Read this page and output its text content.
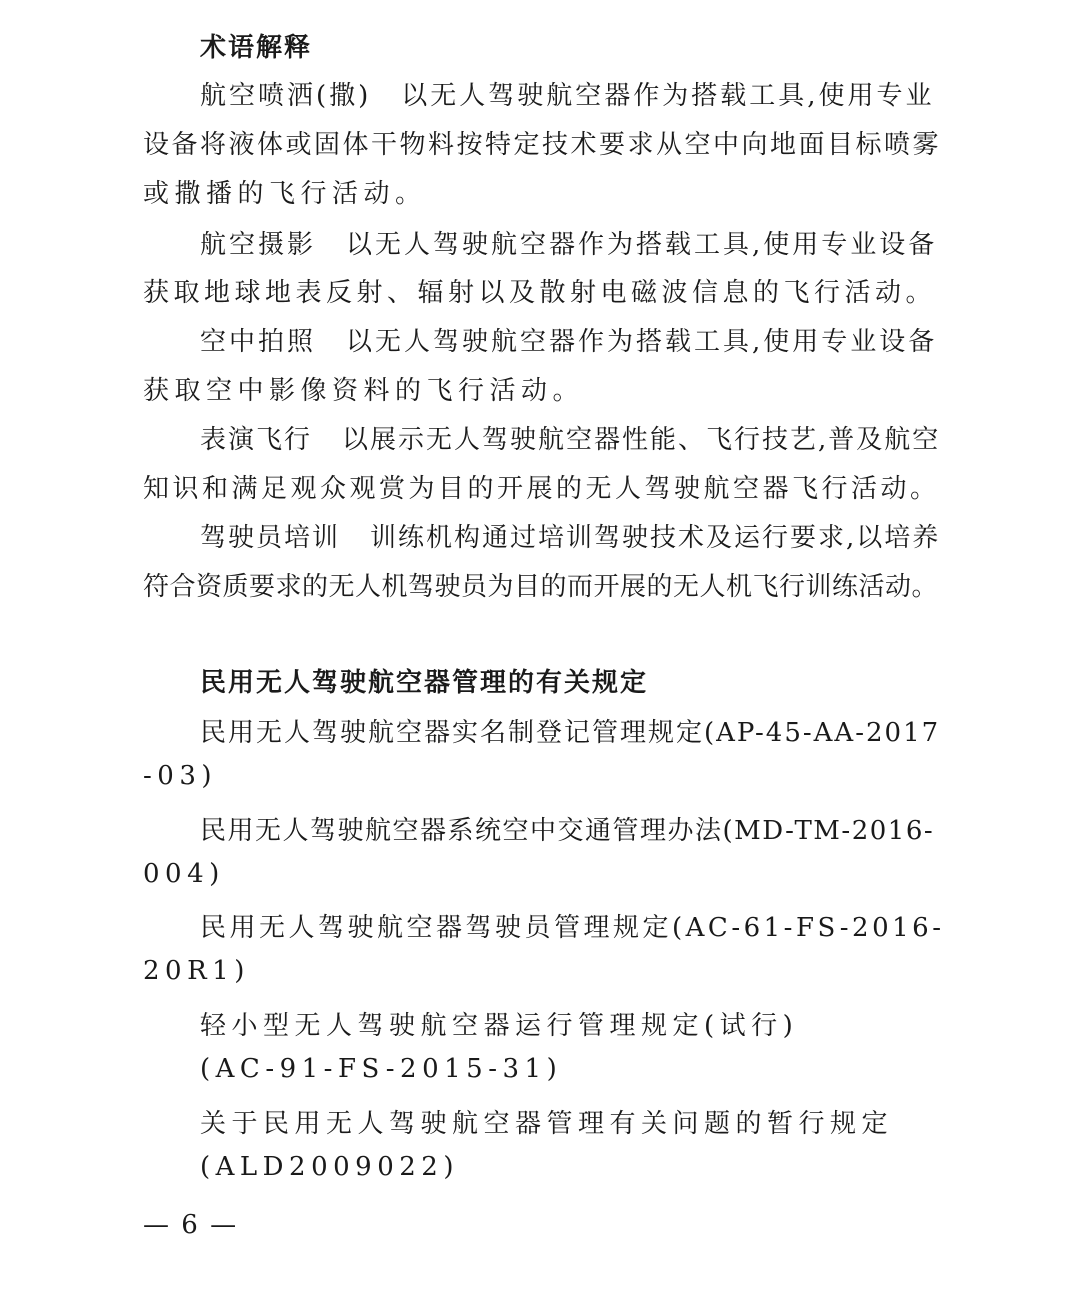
术语解释
航空喷洒(撒) 以无人驾驶航空器作为搭载工具,使用专业
设备将液体或固体干物料按特定技术要求从空中向地面目标喷雾
或撒播的飞行活动。
航空摄影 以无人驾驶航空器作为搭载工具,使用专业设备
获取地球地表反射、辐射以及散射电磁波信息的飞行活动。
空中拍照 以无人驾驶航空器作为搭载工具,使用专业设备
获取空中影像资料的飞行活动。
表演飞行 以展示无人驾驶航空器性能、飞行技艺,普及航空
知识和满足观众观赏为目的开展的无人驾驶航空器飞行活动。
驾驶员培训 训练机构通过培训驾驶技术及运行要求,以培养
符合资质要求的无人机驾驶员为目的而开展的无人机飞行训练活动。
民用无人驾驶航空器管理的有关规定
民用无人驾驶航空器实名制登记管理规定(AP-45-AA-2017
-03)
民用无人驾驶航空器系统空中交通管理办法(MD-TM-2016-
004)
民用无人驾驶航空器驾驶员管理规定(AC-61-FS-2016-
20R1)
轻小型无人驾驶航空器运行管理规定(试行)
(AC-91-FS-2015-31)
关于民用无人驾驶航空器管理有关问题的暂行规定
(ALD2009022)
— 6 —
